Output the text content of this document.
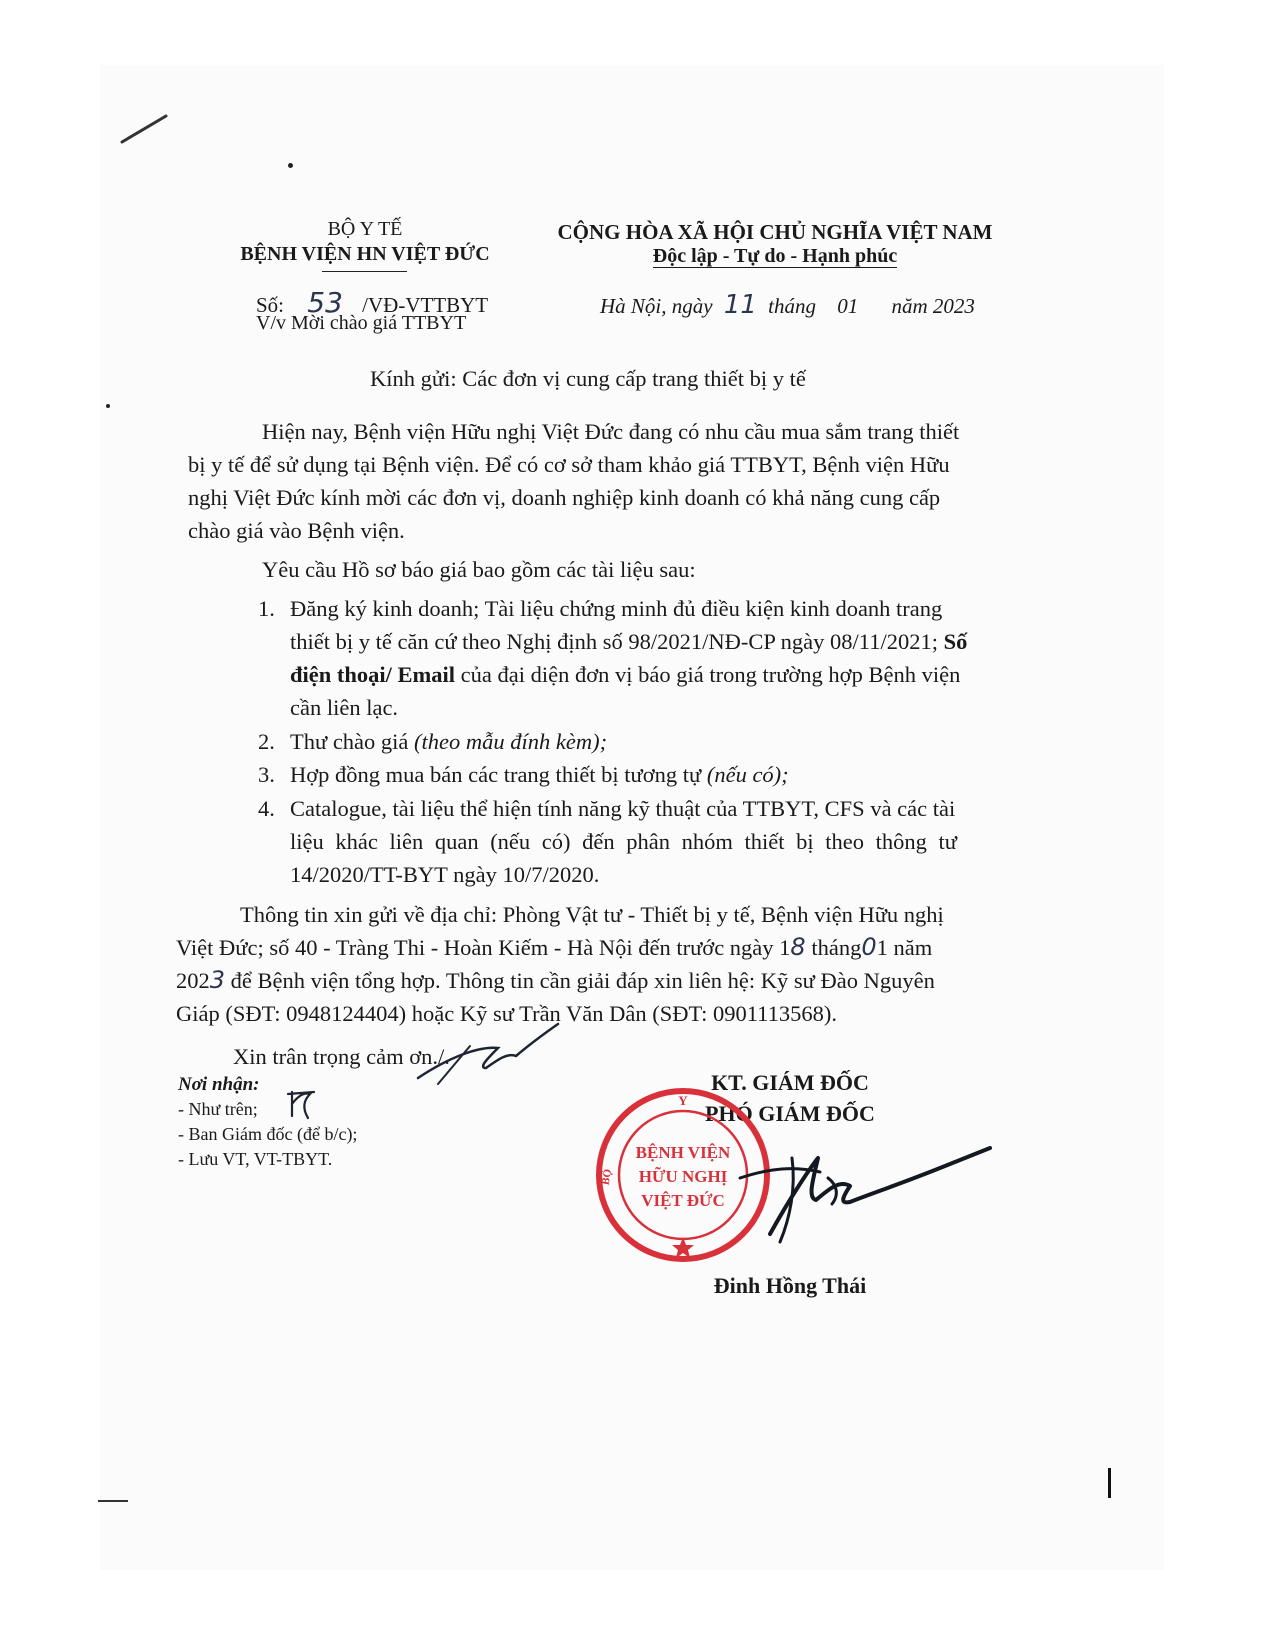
BỘ Y TẾ
BỆNH VIỆN HN VIỆT ĐỨC
Số: 53 /VĐ-VTTBYT
V/v Mời chào giá TTBYT
CỘNG HÒA XÃ HỘI CHỦ NGHĨA VIỆT NAM
Độc lập - Tự do - Hạnh phúc
Hà Nội, ngày 11 tháng 01 năm 2023
Kính gửi: Các đơn vị cung cấp trang thiết bị y tế
Hiện nay, Bệnh viện Hữu nghị Việt Đức đang có nhu cầu mua sắm trang thiết
bị y tế để sử dụng tại Bệnh viện. Để có cơ sở tham khảo giá TTBYT, Bệnh viện Hữu
nghị Việt Đức kính mời các đơn vị, doanh nghiệp kinh doanh có khả năng cung cấp
chào giá vào Bệnh viện.
Yêu cầu Hồ sơ báo giá bao gồm các tài liệu sau:
1. Đăng ký kinh doanh; Tài liệu chứng minh đủ điều kiện kinh doanh trang
thiết bị y tế căn cứ theo Nghị định số 98/2021/NĐ-CP ngày 08/11/2021; Số
điện thoại/ Email của đại diện đơn vị báo giá trong trường hợp Bệnh viện
cần liên lạc.
2. Thư chào giá (theo mẫu đính kèm);
3. Hợp đồng mua bán các trang thiết bị tương tự (nếu có);
4. Catalogue, tài liệu thể hiện tính năng kỹ thuật của TTBYT, CFS và các tài
liệu khác liên quan (nếu có) đến phân nhóm thiết bị theo thông tư
14/2020/TT-BYT ngày 10/7/2020.
Thông tin xin gửi về địa chỉ: Phòng Vật tư - Thiết bị y tế, Bệnh viện Hữu nghị
Việt Đức; số 40 - Tràng Thi - Hoàn Kiếm - Hà Nội đến trước ngày 18 tháng01 năm
2023 để Bệnh viện tổng hợp. Thông tin cần giải đáp xin liên hệ: Kỹ sư Đào Nguyên
Giáp (SĐT: 0948124404) hoặc Kỹ sư Trần Văn Dân (SĐT: 0901113568).
Xin trân trọng cảm ơn./.
Nơi nhận:
- Như trên;
- Ban Giám đốc (để b/c);
- Lưu VT, VT-TBYT.
KT. GIÁM ĐỐC
PHÓ GIÁM ĐỐC
Y
BỘ
BỆNH VIỆN
HỮU NGHỊ
VIỆT ĐỨC
Đinh Hồng Thái
